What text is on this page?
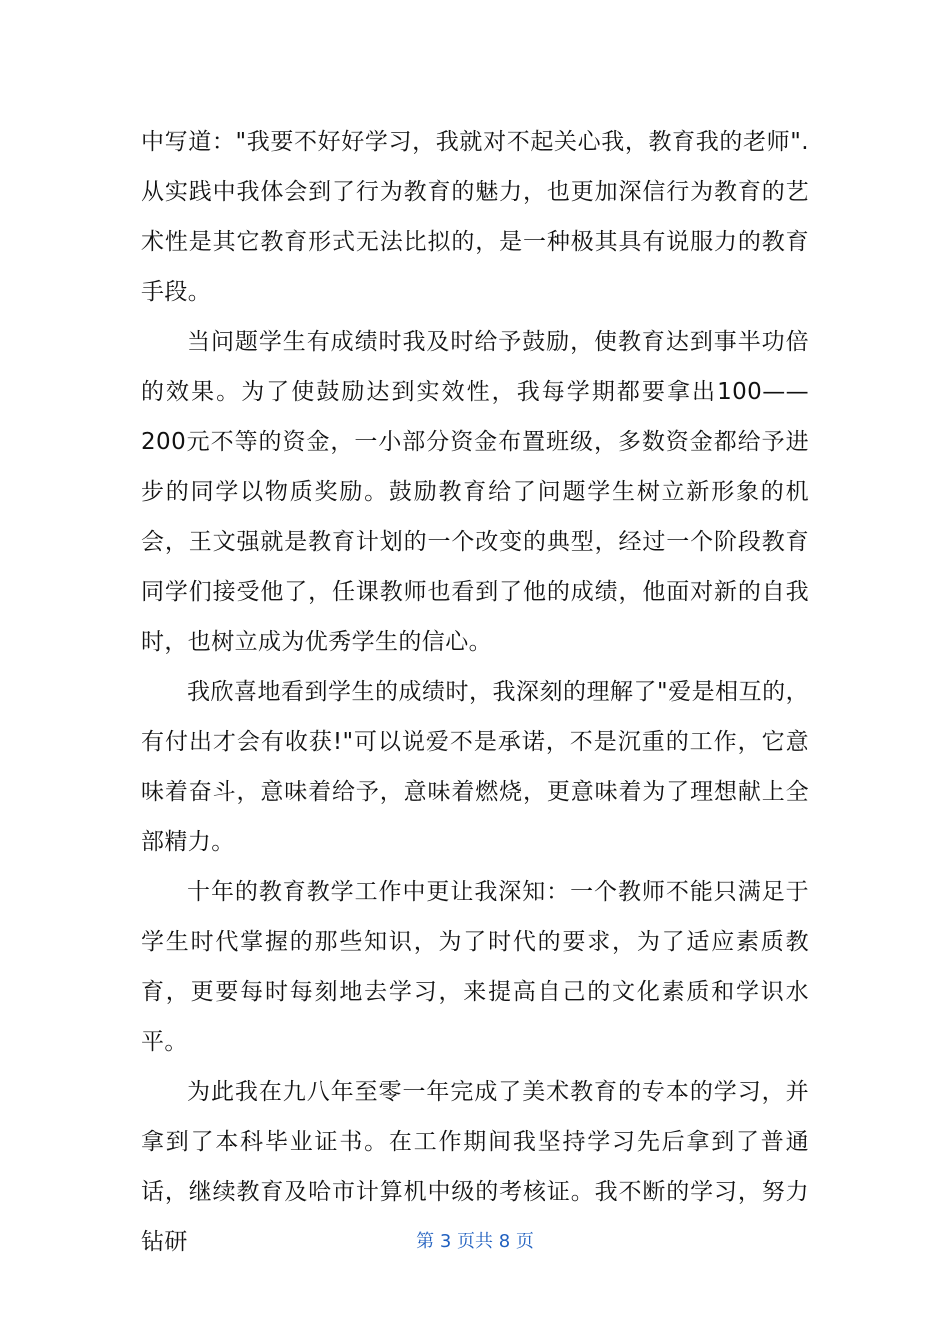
中写道："我要不好好学习，我就对不起关心我，教育我的老师".从实践中我体会到了行为教育的魅力，也更加深信行为教育的艺术性是其它教育形式无法比拟的，是一种极其具有说服力的教育手段。

当问题学生有成绩时我及时给予鼓励，使教育达到事半功倍的效果。为了使鼓励达到实效性，我每学期都要拿出100——200元不等的资金，一小部分资金布置班级，多数资金都给予进步的同学以物质奖励。鼓励教育给了问题学生树立新形象的机会，王文强就是教育计划的一个改变的典型，经过一个阶段教育同学们接受他了，任课教师也看到了他的成绩，他面对新的自我时，也树立成为优秀学生的信心。

我欣喜地看到学生的成绩时，我深刻的理解了"爱是相互的，有付出才会有收获!"可以说爱不是承诺，不是沉重的工作，它意味着奋斗，意味着给予，意味着燃烧，更意味着为了理想献上全部精力。

十年的教育教学工作中更让我深知：一个教师不能只满足于学生时代掌握的那些知识，为了时代的要求，为了适应素质教育，更要每时每刻地去学习，来提高自己的文化素质和学识水平。

为此我在九八年至零一年完成了美术教育的专本的学习，并拿到了本科毕业证书。在工作期间我坚持学习先后拿到了普通话，继续教育及哈市计算机中级的考核证。我不断的学习，努力钻研	第 3 页共 8 页
